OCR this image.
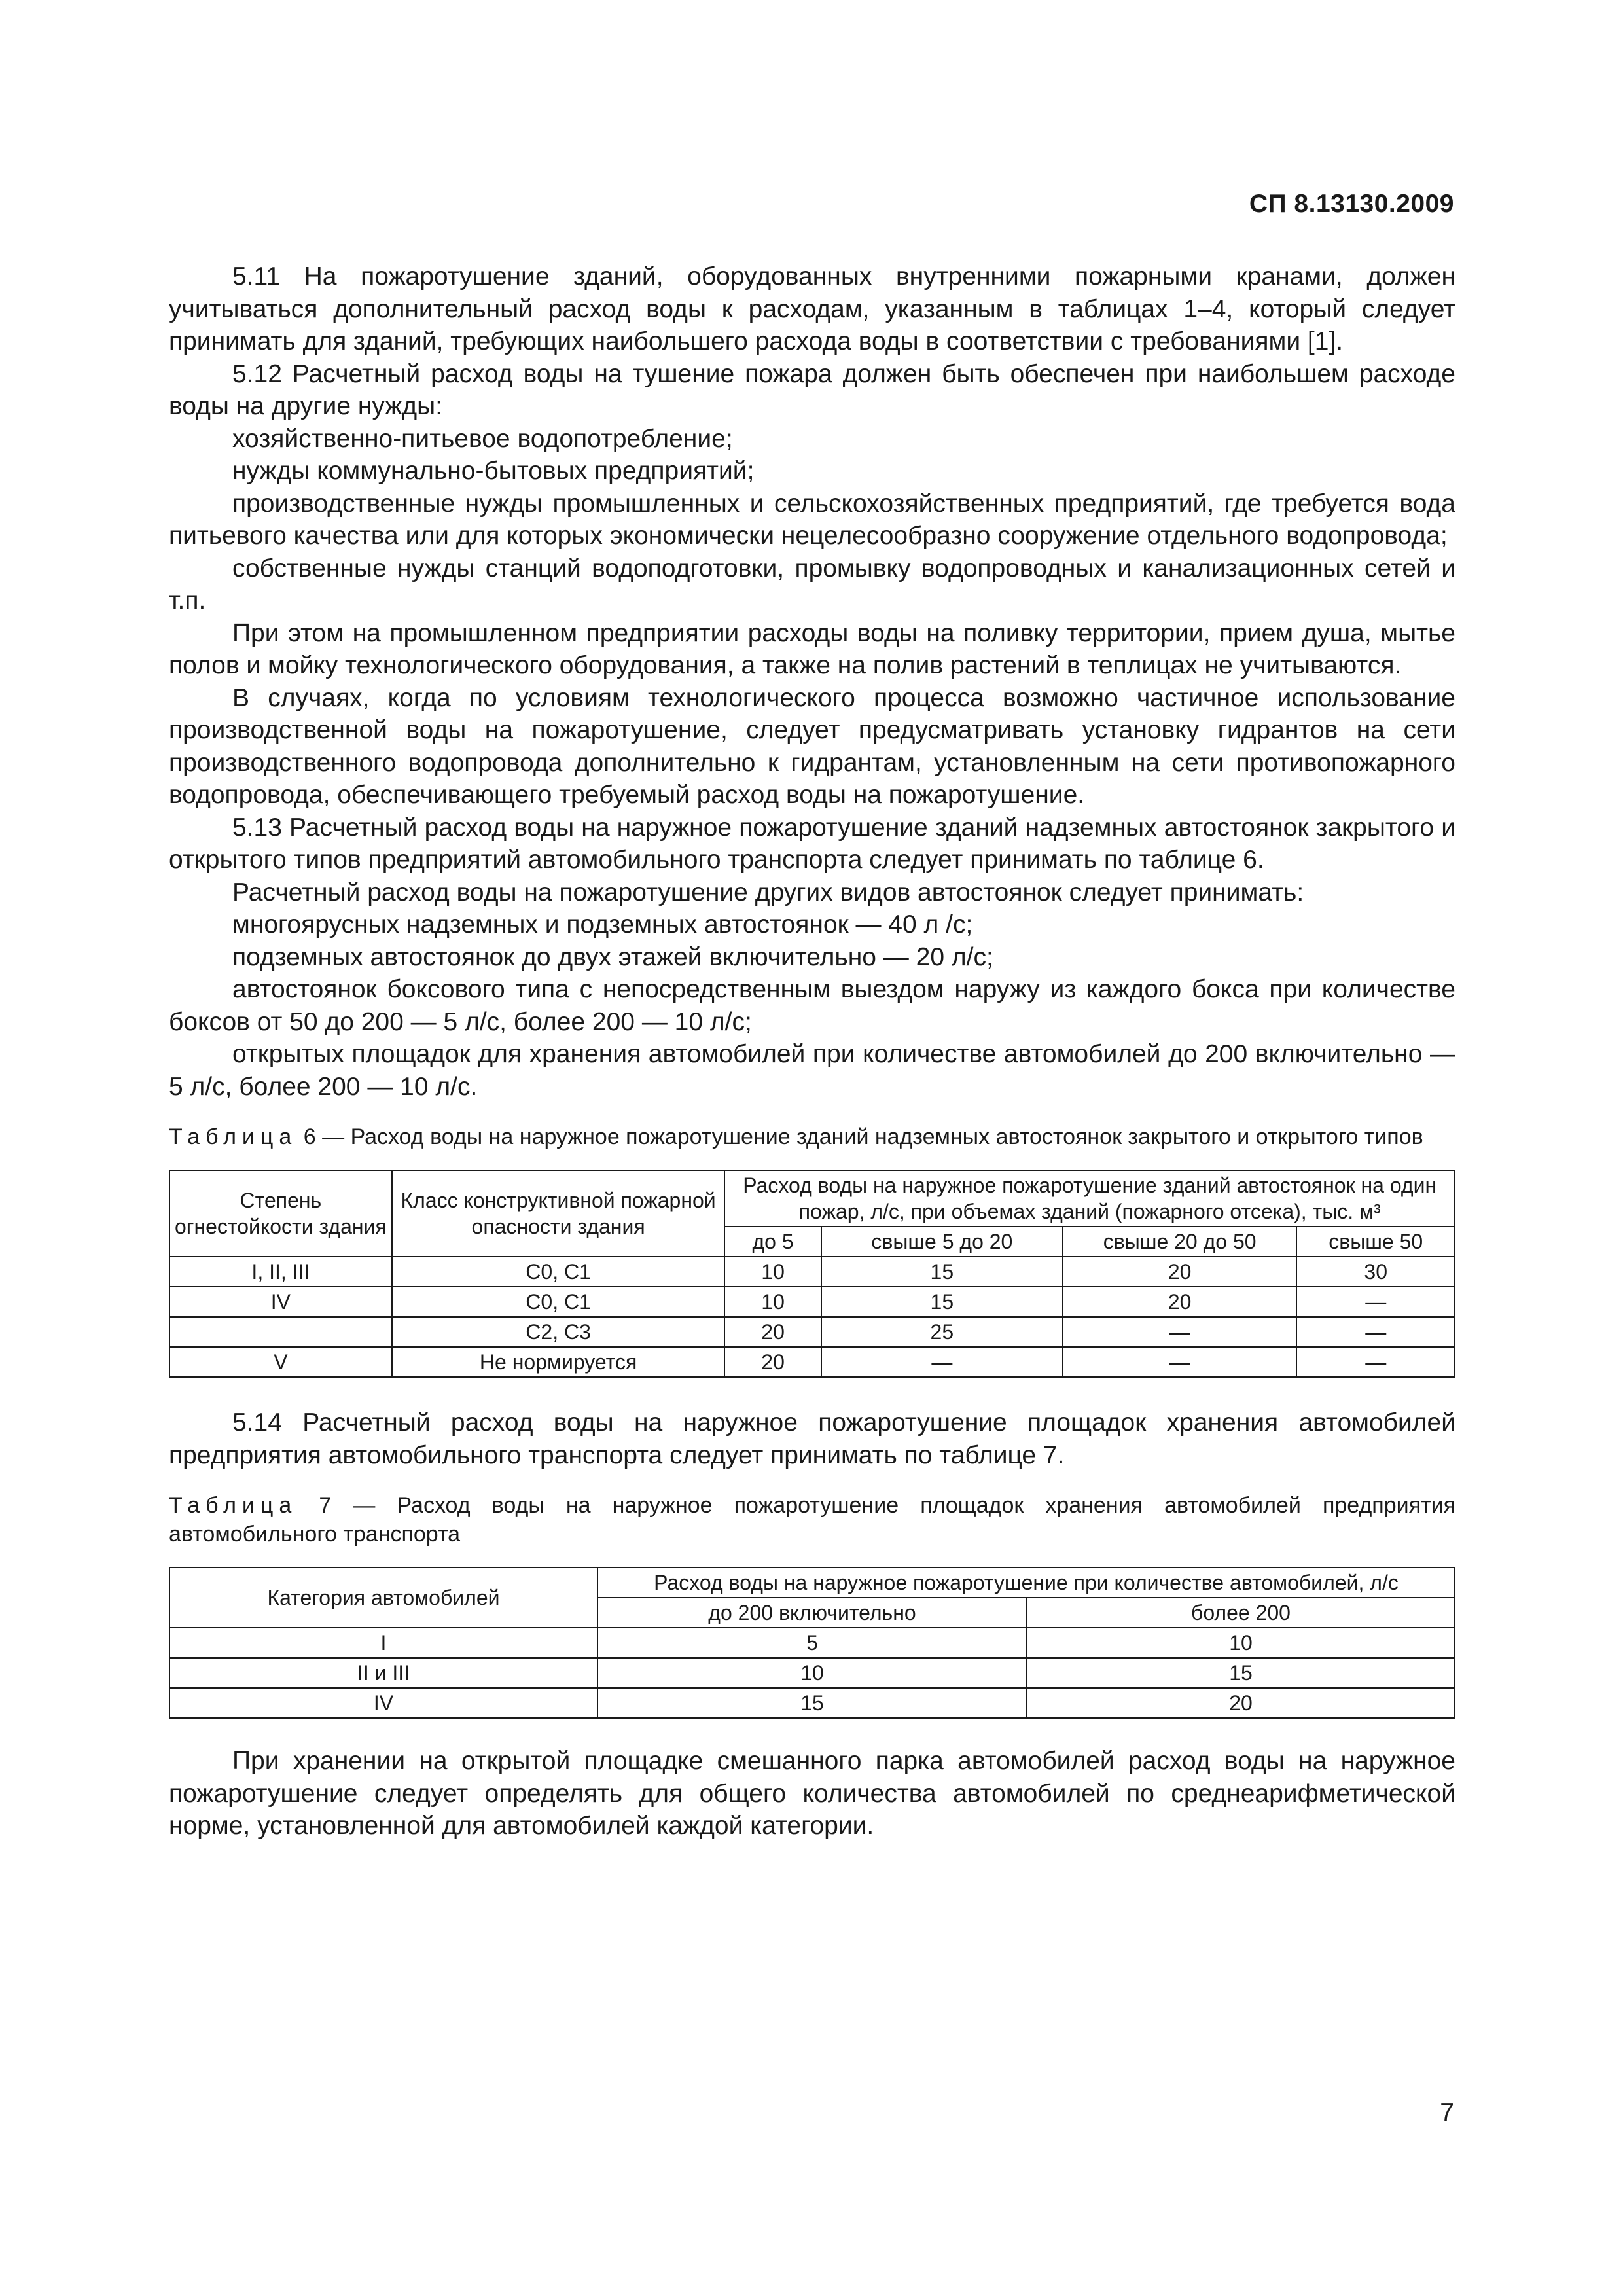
СП 8.13130.2009

5.11 На пожаротушение зданий, оборудованных внутренними пожарными кранами, должен учитываться дополнительный расход воды к расходам, указанным в таблицах 1–4, который следует принимать для зданий, требующих наибольшего расхода воды в соответствии с требованиями [1].

5.12 Расчетный расход воды на тушение пожара должен быть обеспечен при наибольшем расходе воды на другие нужды:

хозяйственно-питьевое водопотребление;

нужды коммунально-бытовых предприятий;

производственные нужды промышленных и сельскохозяйственных предприятий, где требуется вода питьевого качества или для которых экономически нецелесообразно сооружение отдельного водопровода;

собственные нужды станций водоподготовки, промывку водопроводных и канализационных сетей и т.п.

При этом на промышленном предприятии расходы воды на поливку территории, прием душа, мытье полов и мойку технологического оборудования, а также на полив растений в теплицах не учитываются.

В случаях, когда по условиям технологического процесса возможно частичное использование производственной воды на пожаротушение, следует предусматривать установку гидрантов на сети производственного водопровода дополнительно к гидрантам, установленным на сети противопожарного водопровода, обеспечивающего требуемый расход воды на пожаротушение.

5.13 Расчетный расход воды на наружное пожаротушение зданий надземных автостоянок закрытого и открытого типов предприятий автомобильного транспорта следует принимать по таблице 6.

Расчетный расход воды на пожаротушение других видов автостоянок следует принимать:

многоярусных надземных и подземных автостоянок — 40 л /с;

подземных автостоянок до двух этажей включительно — 20 л/с;

автостоянок боксового типа с непосредственным выездом наружу из каждого бокса при количестве боксов от 50 до 200 — 5 л/с, более 200 — 10 л/с;

открытых площадок для хранения автомобилей при количестве автомобилей до 200 включительно — 5 л/с, более 200 — 10 л/с.

Таблица 6 — Расход воды на наружное пожаротушение зданий надземных автостоянок закрытого и открытого типов

Степень огнестойкости здания	Класс конструктивной пожарной опасности здания	Расход воды на наружное пожаротушение зданий автостоянок на один пожар, л/с, при объемах зданий (пожарного отсека), тыс. м³			
		до 5	свыше 5 до 20	свыше 20 до 50	свыше 50
I, II, III	С0, С1	10	15	20	30
IV	С0, С1	10	15	20	—
	С2, С3	20	25	—	—
V	Не нормируется	20	—	—	—

5.14 Расчетный расход воды на наружное пожаротушение площадок хранения автомобилей предприятия автомобильного транспорта следует принимать по таблице 7.

Таблица 7 — Расход воды на наружное пожаротушение площадок хранения автомобилей предприятия автомобильного транспорта

Категория автомобилей	Расход воды на наружное пожаротушение при количестве автомобилей, л/с	
	до 200 включительно	более 200
I	5	10
II и III	10	15
IV	15	20

При хранении на открытой площадке смешанного парка автомобилей расход воды на наружное пожаротушение следует определять для общего количества автомобилей по среднеарифметической норме, установленной для автомобилей каждой категории.

7
